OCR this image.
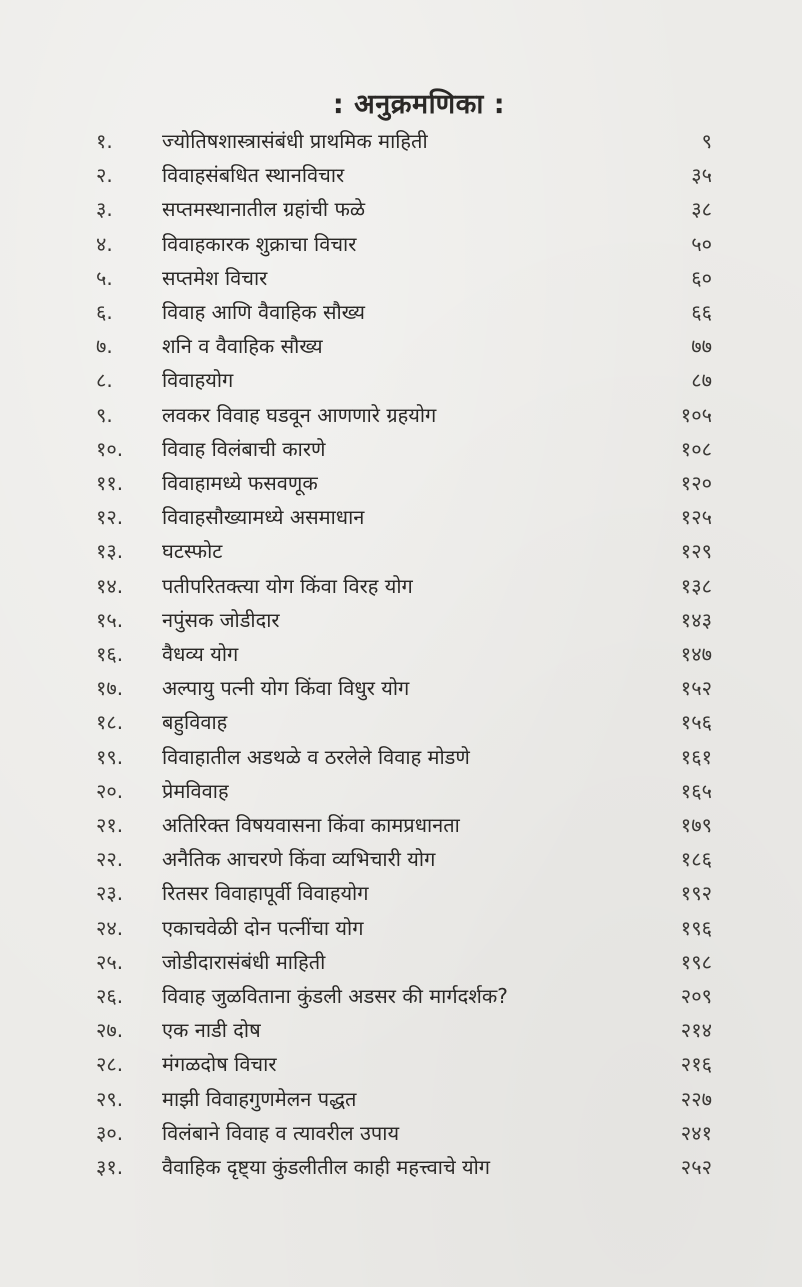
: अनुक्रमणिका :
१.	ज्योतिषशास्त्रासंबंधी प्राथमिक माहिती	९
२.	विवाहसंबधित स्थानविचार	३५
३.	सप्तमस्थानातील ग्रहांची फळे	३८
४.	विवाहकारक शुक्राचा विचार	५०
५.	सप्तमेश विचार	६०
६.	विवाह आणि वैवाहिक सौख्य	६६
७.	शनि व वैवाहिक सौख्य	७७
८.	विवाहयोग	८७
९.	लवकर विवाह घडवून आणणारे ग्रहयोग	१०५
१०.	विवाह विलंबाची कारणे	१०८
११.	विवाहामध्ये फसवणूक	१२०
१२.	विवाहसौख्यामध्ये असमाधान	१२५
१३.	घटस्फोट	१२९
१४.	पतीपरितक्त्या योग किंवा विरह योग	१३८
१५.	नपुंसक जोडीदार	१४३
१६.	वैधव्य योग	१४७
१७.	अल्पायु पत्नी योग किंवा विधुर योग	१५२
१८.	बहुविवाह	१५६
१९.	विवाहातील अडथळे व ठरलेले विवाह मोडणे	१६१
२०.	प्रेमविवाह	१६५
२१.	अतिरिक्त विषयवासना किंवा कामप्रधानता	१७९
२२.	अनैतिक आचरणे किंवा व्यभिचारी योग	१८६
२३.	रितसर विवाहापूर्वी विवाहयोग	१९२
२४.	एकाचवेळी दोन पत्नींचा योग	१९६
२५.	जोडीदारासंबंधी माहिती	१९८
२६.	विवाह जुळविताना कुंडली अडसर की मार्गदर्शक?	२०९
२७.	एक नाडी दोष	२१४
२८.	मंगळदोष विचार	२१६
२९.	माझी विवाहगुणमेलन पद्धत	२२७
३०.	विलंबाने विवाह व त्यावरील उपाय	२४१
३१.	वैवाहिक दृष्ट्या कुंडलीतील काही महत्त्वाचे योग	२५२
